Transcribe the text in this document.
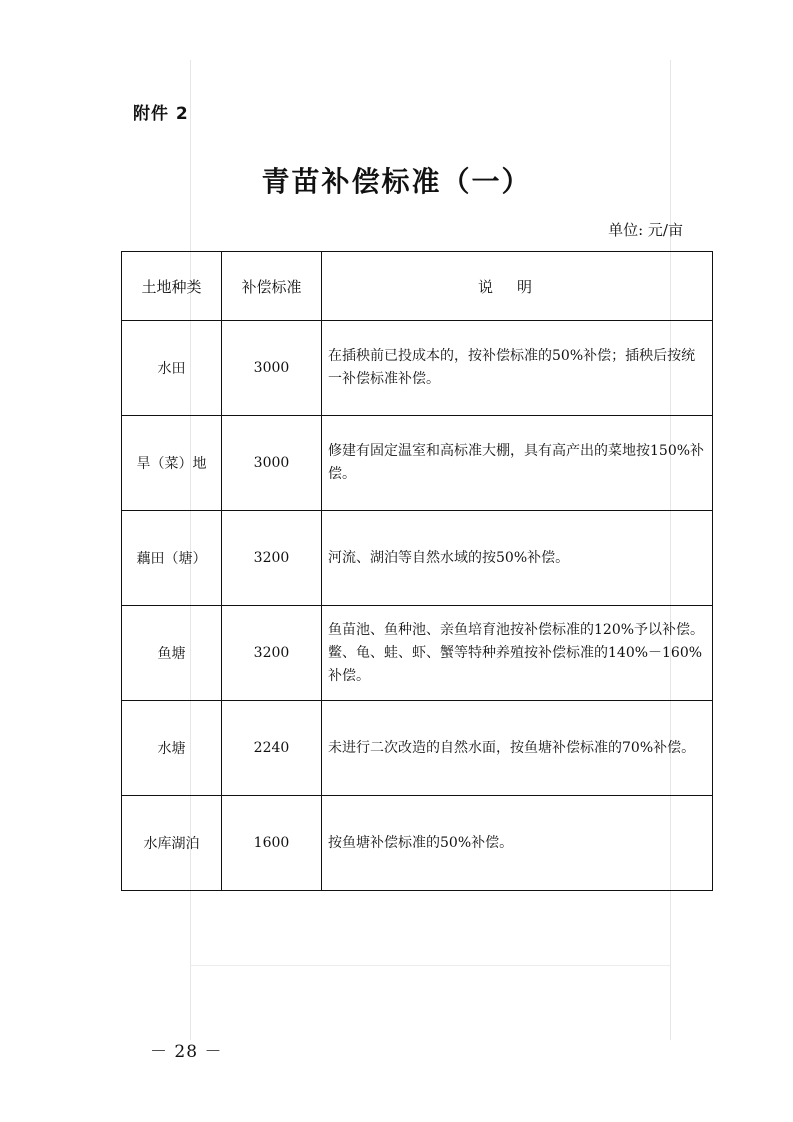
附件 2
青苗补偿标准（一）
单位: 元/亩
土地种类	补偿标准	说明
水田	3000	在插秧前已投成本的，按补偿标准的50%补偿；插秧后按统一补偿标准补偿。
旱（菜）地	3000	修建有固定温室和高标准大棚，具有高产出的菜地按150%补偿。
藕田（塘）	3200	河流、湖泊等自然水域的按50%补偿。
鱼塘	3200	鱼苗池、鱼种池、亲鱼培育池按补偿标准的120%予以补偿。鳖、龟、蛙、虾、蟹等特种养殖按补偿标准的140%－160%补偿。
水塘	2240	未进行二次改造的自然水面，按鱼塘补偿标准的70%补偿。
水库湖泊	1600	按鱼塘补偿标准的50%补偿。
－ 28 －
